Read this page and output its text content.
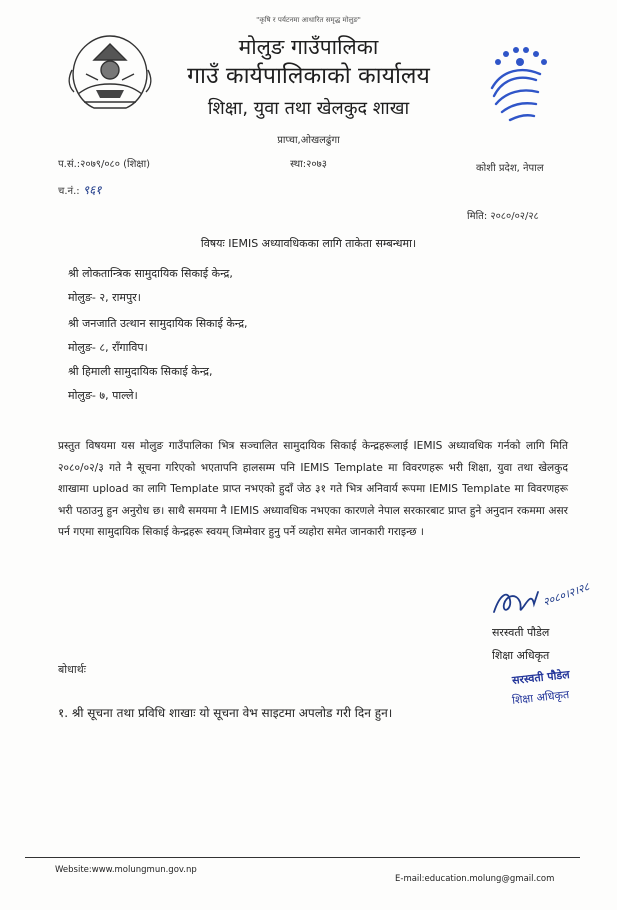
"कृषि र पर्यटनमा आधारित समृद्ध मोलुङ"
मोलुङ गाउँपालिका
गाउँ कार्यपालिकाको कार्यालय
शिक्षा, युवा तथा खेलकुद शाखा
प्राप्चा,ओखलढुंगा
प.सं.:२०७९/०८० (शिक्षा)	स्था:२०७३	कोशी प्रदेश, नेपाल
च.नं.: ९६१
मिति: २०८०/०२/२८
विषयः IEMIS अध्यावधिकका लागि ताकेता सम्बन्धमा।
श्री लोकतान्त्रिक सामुदायिक सिकाई केन्द्र,
मोलुङ- २, रामपुर।
श्री जनजाति उत्थान सामुदायिक सिकाई केन्द्र,
मोलुङ- ८, राँगाविप।
श्री हिमाली सामुदायिक सिकाई केन्द्र,
मोलुङ- ७, पाल्ले।
प्रस्तुत विषयमा यस मोलुङ गाउँपालिका भित्र सञ्चालित सामुदायिक सिकाई केन्द्रहरूलाई IEMIS अध्यावधिक गर्नको लागि मिति २०८०/०२/३ गते नै सूचना गरिएको भएतापनि हालसम्म पनि IEMIS Template मा विवरणहरू भरी शिक्षा, युवा तथा खेलकुद शाखामा upload का लागि Template प्राप्त नभएको हुदाँ जेठ ३१ गते भित्र अनिवार्य रूपमा IEMIS Template मा विवरणहरू भरी पठाउनु हुन अनुरोध छ। साथै समयमा नै IEMIS अध्यावधिक नभएका कारणले नेपाल सरकारबाट प्राप्त हुने अनुदान रकममा असर पर्न गएमा सामुदायिक सिकाई केन्द्रहरू स्वयम् जिम्मेवार हुनु पर्ने व्यहोरा समेत जानकारी गराइन्छ ।
२०८०।२।२८
सरस्वती पौडेल
शिक्षा अधिकृत
बोधार्थः	सरस्वती पौडेल
शिक्षा अधिकृत
१. श्री सूचना तथा प्रविधि शाखाः यो सूचना वेभ साइटमा अपलोड गरी दिन हुन।
Website:www.molungmun.gov.np
E-mail:education.molung@gmail.com
